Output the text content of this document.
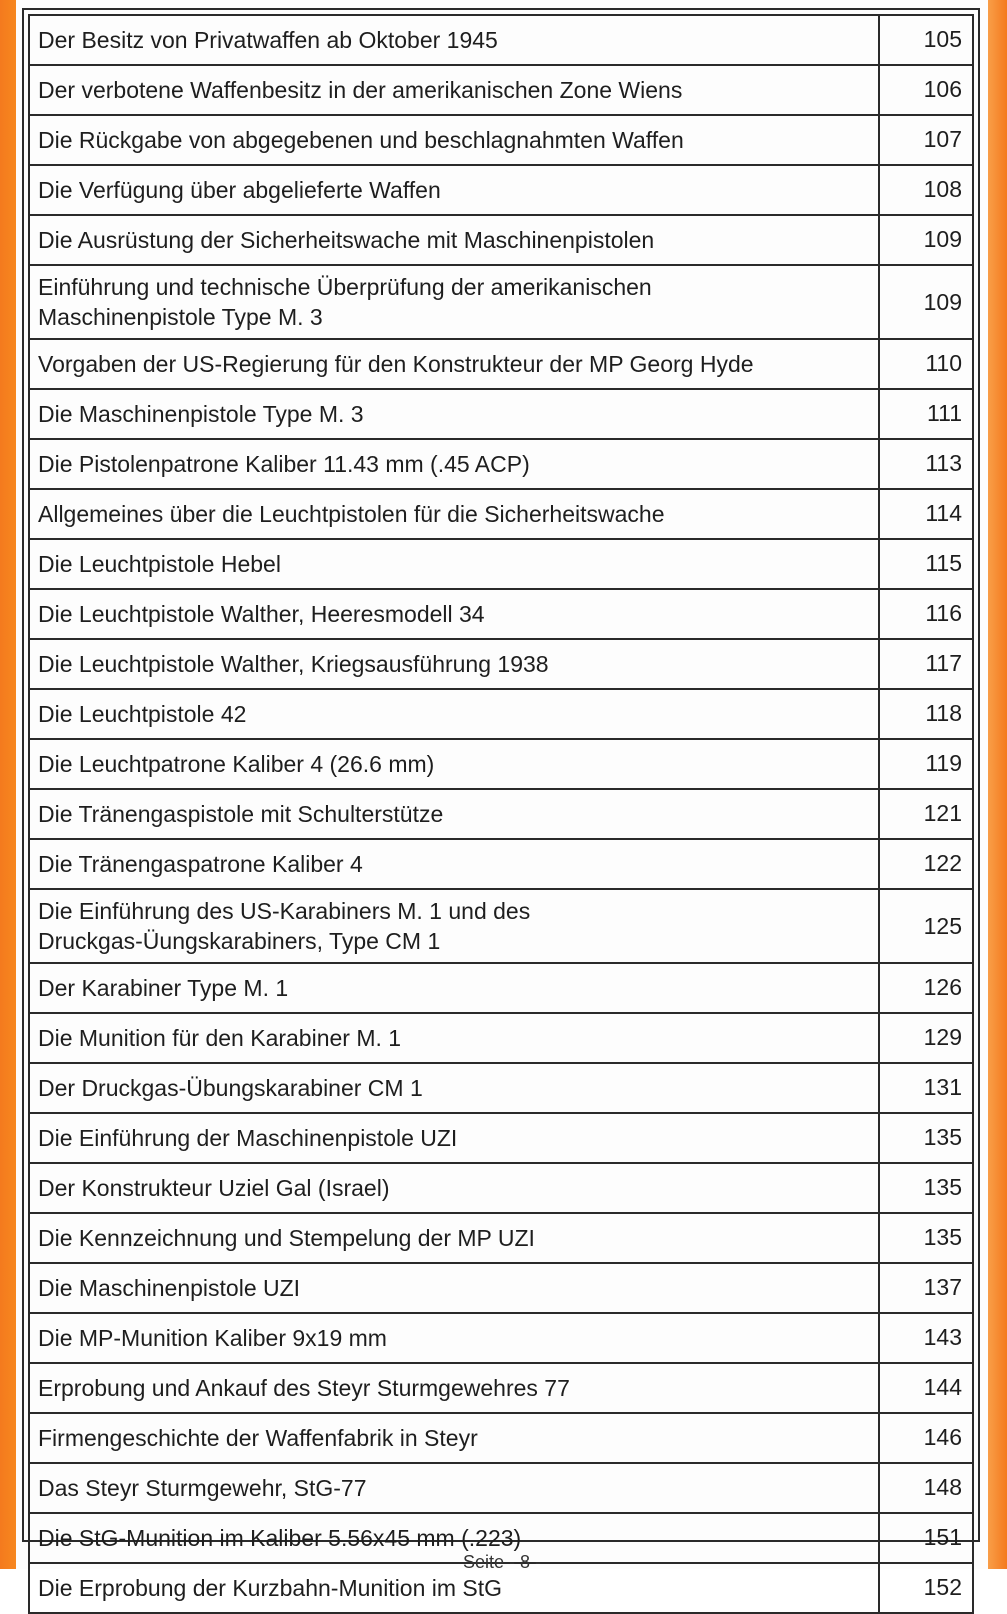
Der Besitz von Privatwaffen ab Oktober 1945	105
Der verbotene Waffenbesitz in der amerikanischen Zone Wiens	106
Die Rückgabe von abgegebenen und beschlagnahmten Waffen	107
Die Verfügung über abgelieferte Waffen	108
Die Ausrüstung der Sicherheitswache mit Maschinenpistolen	109

Einführung und technische Überprüfung der amerikanischen
Maschinenpistole Type M. 3	109
Vorgaben der US-Regierung für den Konstrukteur der MP Georg Hyde	110
Die Maschinenpistole Type M. 3	111
Die Pistolenpatrone Kaliber 11.43 mm (.45 ACP)	113
Allgemeines über die Leuchtpistolen für die Sicherheitswache	114
Die Leuchtpistole Hebel	115
Die Leuchtpistole Walther, Heeresmodell 34	116
Die Leuchtpistole Walther, Kriegsausführung 1938	117
Die Leuchtpistole 42	118
Die Leuchtpatrone Kaliber 4 (26.6 mm)	119
Die Tränengaspistole mit Schulterstütze	121
Die Tränengaspatrone Kaliber 4	122

Die Einführung des US-Karabiners M. 1 und des
Druckgas-Üungskarabiners, Type CM 1	125
Der Karabiner Type M. 1	126
Die Munition für den Karabiner M. 1	129
Der Druckgas-Übungskarabiner CM 1	131
Die Einführung der Maschinenpistole UZI	135
Der Konstrukteur Uziel Gal (Israel)	135
Die Kennzeichnung und Stempelung der MP UZI	135
Die Maschinenpistole UZI	137
Die MP-Munition Kaliber 9x19 mm	143
Erprobung und Ankauf des Steyr Sturmgewehres 77	144
Firmengeschichte der Waffenfabrik in Steyr	146
Das Steyr Sturmgewehr, StG-77	148
Die StG-Munition im Kaliber 5.56x45 mm (.223)	151
Die Erprobung der Kurzbahn-Munition im StG	152
Seite - 8 -
